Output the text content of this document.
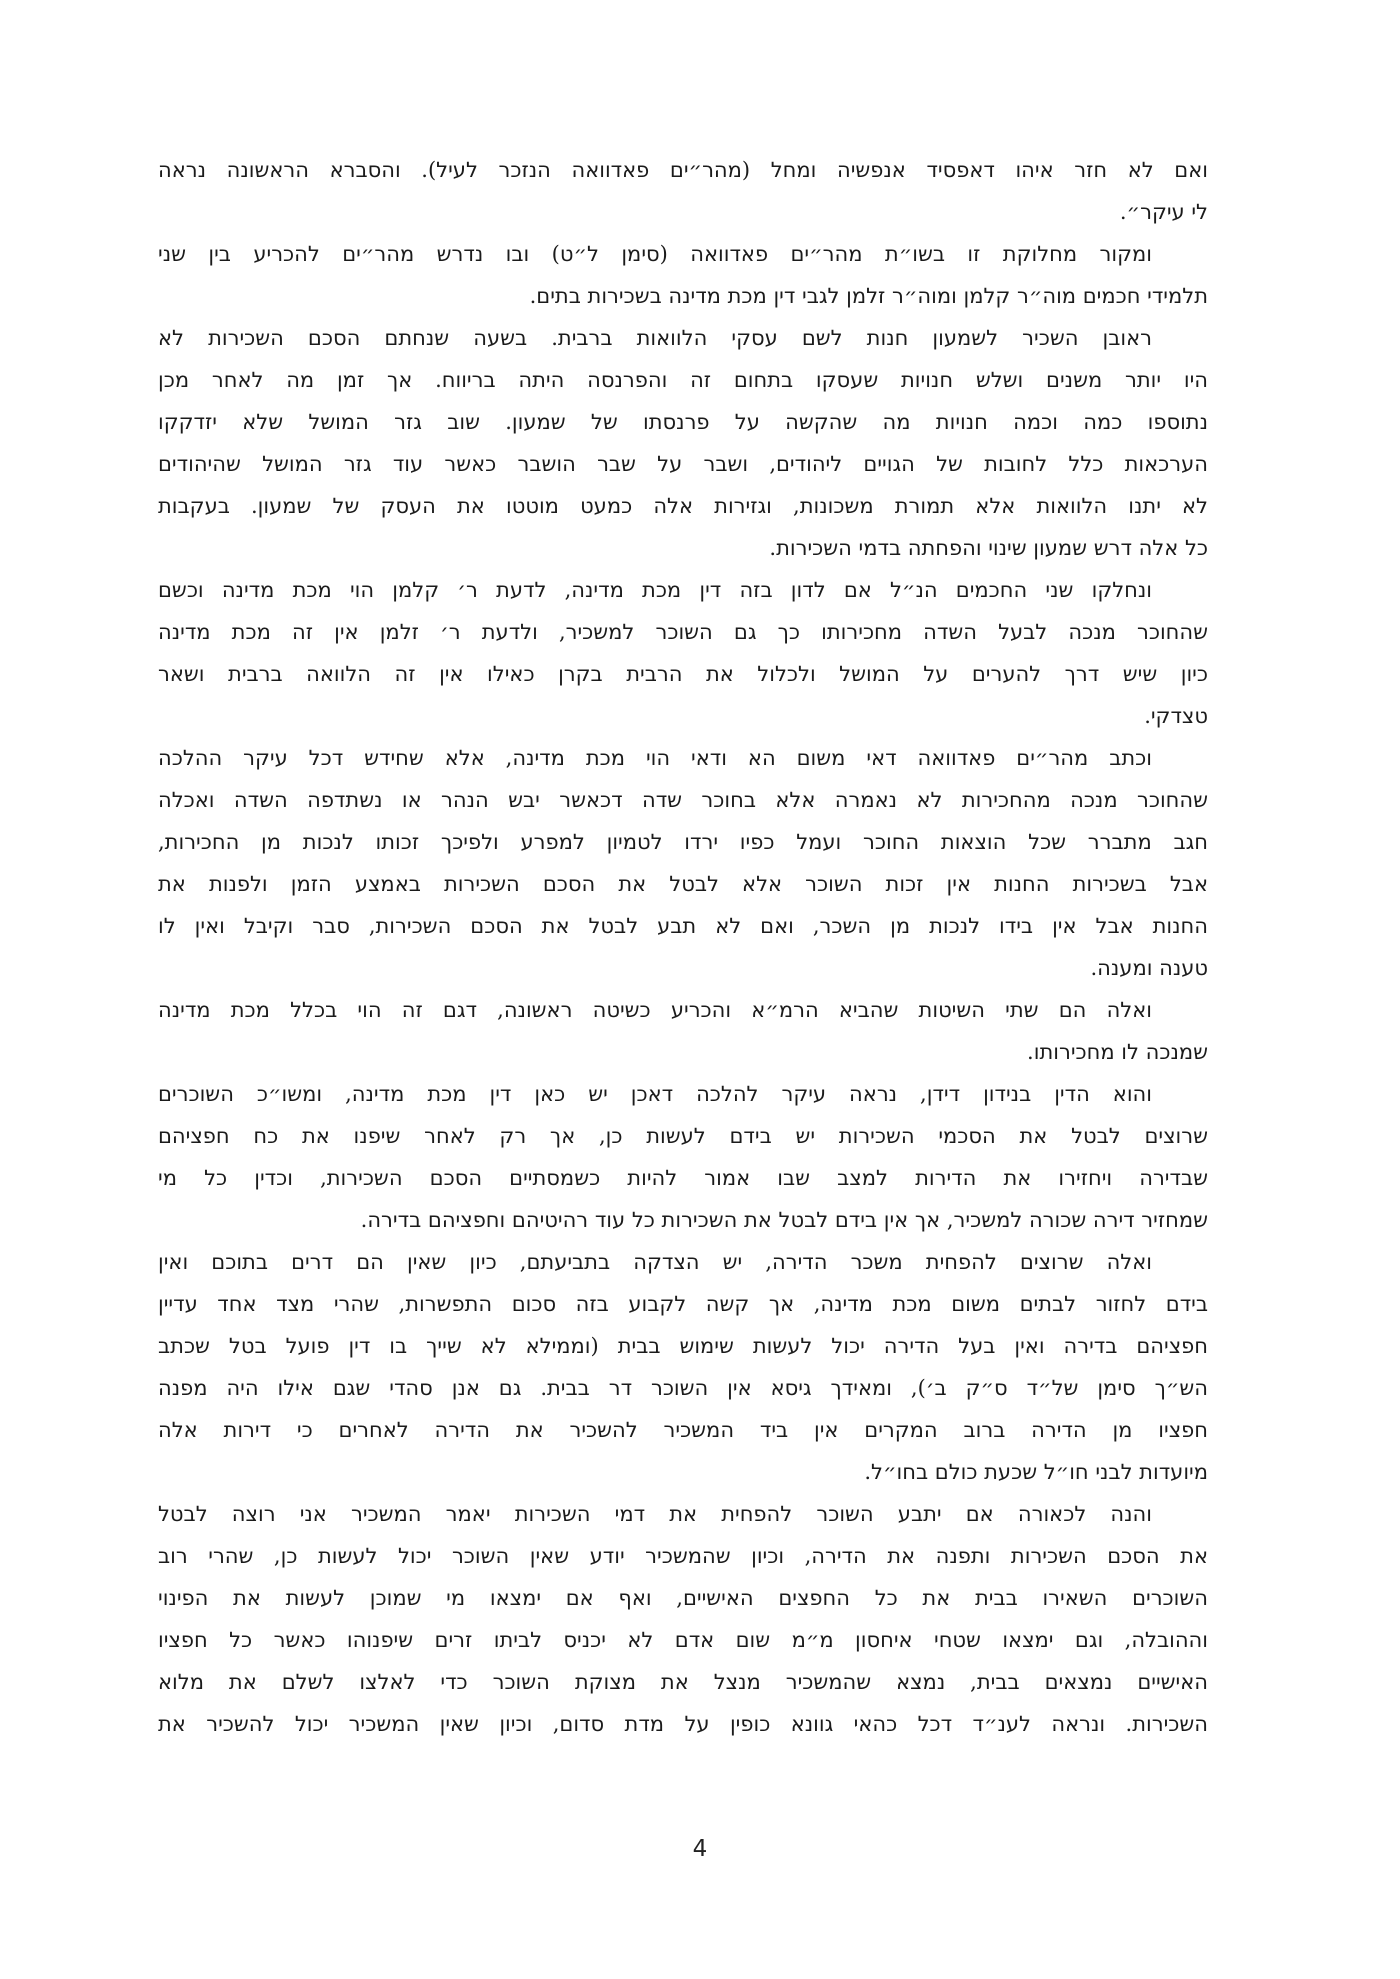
ואם לא חזר איהו דאפסיד אנפשיה ומחל (מהר״ים פאדוואה הנזכר לעיל). והסברא הראשונה נראה
לי עיקר״.
ומקור מחלוקת זו בשו״ת מהר״ים פאדוואה (סימן ל״ט) ובו נדרש מהר״ים להכריע בין שני
תלמידי חכמים מוה״ר קלמן ומוה״ר זלמן לגבי דין מכת מדינה בשכירות בתים.
ראובן השכיר לשמעון חנות לשם עסקי הלוואות ברבית. בשעה שנחתם הסכם השכירות לא
היו יותר משנים ושלש חנויות שעסקו בתחום זה והפרנסה היתה בריווח. אך זמן מה לאחר מכן
נתוספו כמה וכמה חנויות מה שהקשה על פרנסתו של שמעון. שוב גזר המושל שלא יזדקקו
הערכאות כלל לחובות של הגויים ליהודים, ושבר על שבר הושבר כאשר עוד גזר המושל שהיהודים
לא יתנו הלוואות אלא תמורת משכונות, וגזירות אלה כמעט מוטטו את העסק של שמעון. בעקבות
כל אלה דרש שמעון שינוי והפחתה בדמי השכירות.
ונחלקו שני החכמים הנ״ל אם לדון בזה דין מכת מדינה, לדעת ר׳ קלמן הוי מכת מדינה וכשם
שהחוכר מנכה לבעל השדה מחכירותו כך גם השוכר למשכיר, ולדעת ר׳ זלמן אין זה מכת מדינה
כיון שיש דרך להערים על המושל ולכלול את הרבית בקרן כאילו אין זה הלוואה ברבית ושאר
טצדקי.
וכתב מהר״ים פאדוואה דאי משום הא ודאי הוי מכת מדינה, אלא שחידש דכל עיקר ההלכה
שהחוכר מנכה מהחכירות לא נאמרה אלא בחוכר שדה דכאשר יבש הנהר או נשתדפה השדה ואכלה
חגב מתברר שכל הוצאות החוכר ועמל כפיו ירדו לטמיון למפרע ולפיכך זכותו לנכות מן החכירות,
אבל בשכירות החנות אין זכות השוכר אלא לבטל את הסכם השכירות באמצע הזמן ולפנות את
החנות אבל אין בידו לנכות מן השכר, ואם לא תבע לבטל את הסכם השכירות, סבר וקיבל ואין לו
טענה ומענה.
ואלה הם שתי השיטות שהביא הרמ״א והכריע כשיטה ראשונה, דגם זה הוי בכלל מכת מדינה
שמנכה לו מחכירותו.
והוא הדין בנידון דידן, נראה עיקר להלכה דאכן יש כאן דין מכת מדינה, ומשו״כ השוכרים
שרוצים לבטל את הסכמי השכירות יש בידם לעשות כן, אך רק לאחר שיפנו את כח חפציהם
שבדירה ויחזירו את הדירות למצב שבו אמור להיות כשמסתיים הסכם השכירות, וכדין כל מי
שמחזיר דירה שכורה למשכיר, אך אין בידם לבטל את השכירות כל עוד רהיטיהם וחפציהם בדירה.
ואלה שרוצים להפחית משכר הדירה, יש הצדקה בתביעתם, כיון שאין הם דרים בתוכם ואין
בידם לחזור לבתים משום מכת מדינה, אך קשה לקבוע בזה סכום התפשרות, שהרי מצד אחד עדיין
חפציהם בדירה ואין בעל הדירה יכול לעשות שימוש בבית (וממילא לא שייך בו דין פועל בטל שכתב
הש״ך סימן של״ד ס״ק ב׳), ומאידך גיסא אין השוכר דר בבית. גם אנן סהדי שגם אילו היה מפנה
חפציו מן הדירה ברוב המקרים אין ביד המשכיר להשכיר את הדירה לאחרים כי דירות אלה
מיועדות לבני חו״ל שכעת כולם בחו״ל.
והנה לכאורה אם יתבע השוכר להפחית את דמי השכירות יאמר המשכיר אני רוצה לבטל
את הסכם השכירות ותפנה את הדירה, וכיון שהמשכיר יודע שאין השוכר יכול לעשות כן, שהרי רוב
השוכרים השאירו בבית את כל החפצים האישיים, ואף אם ימצאו מי שמוכן לעשות את הפינוי
וההובלה, וגם ימצאו שטחי איחסון מ״מ שום אדם לא יכניס לביתו זרים שיפנוהו כאשר כל חפציו
האישיים נמצאים בבית, נמצא שהמשכיר מנצל את מצוקת השוכר כדי לאלצו לשלם את מלוא
השכירות. ונראה לענ״ד דכל כהאי גוונא כופין על מדת סדום, וכיון שאין המשכיר יכול להשכיר את
4
